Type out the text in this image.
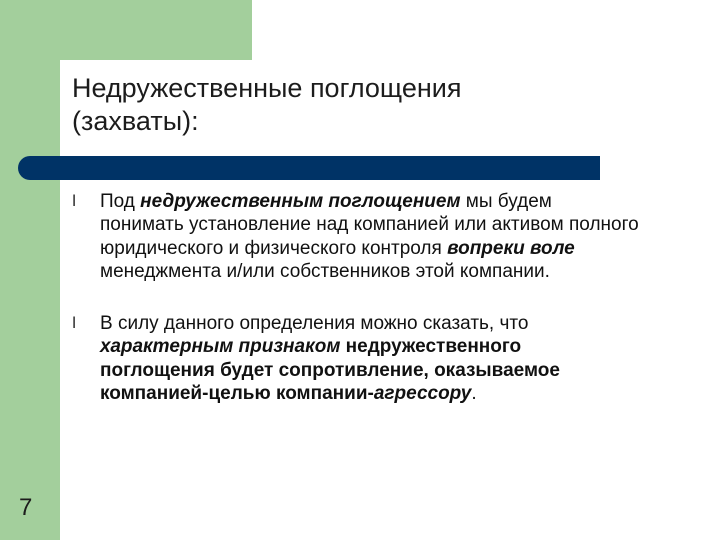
Недружественные поглощения
(захваты):
l Под недружественным поглощением мы будем понимать установление над компанией или активом полного юридического и физического контроля вопреки воле менеджмента и/или собственников этой компании.
l В силу данного определения можно сказать, что характерным признаком недружественного поглощения будет сопротивление, оказываемое компанией-целью компании-агрессору.
7
